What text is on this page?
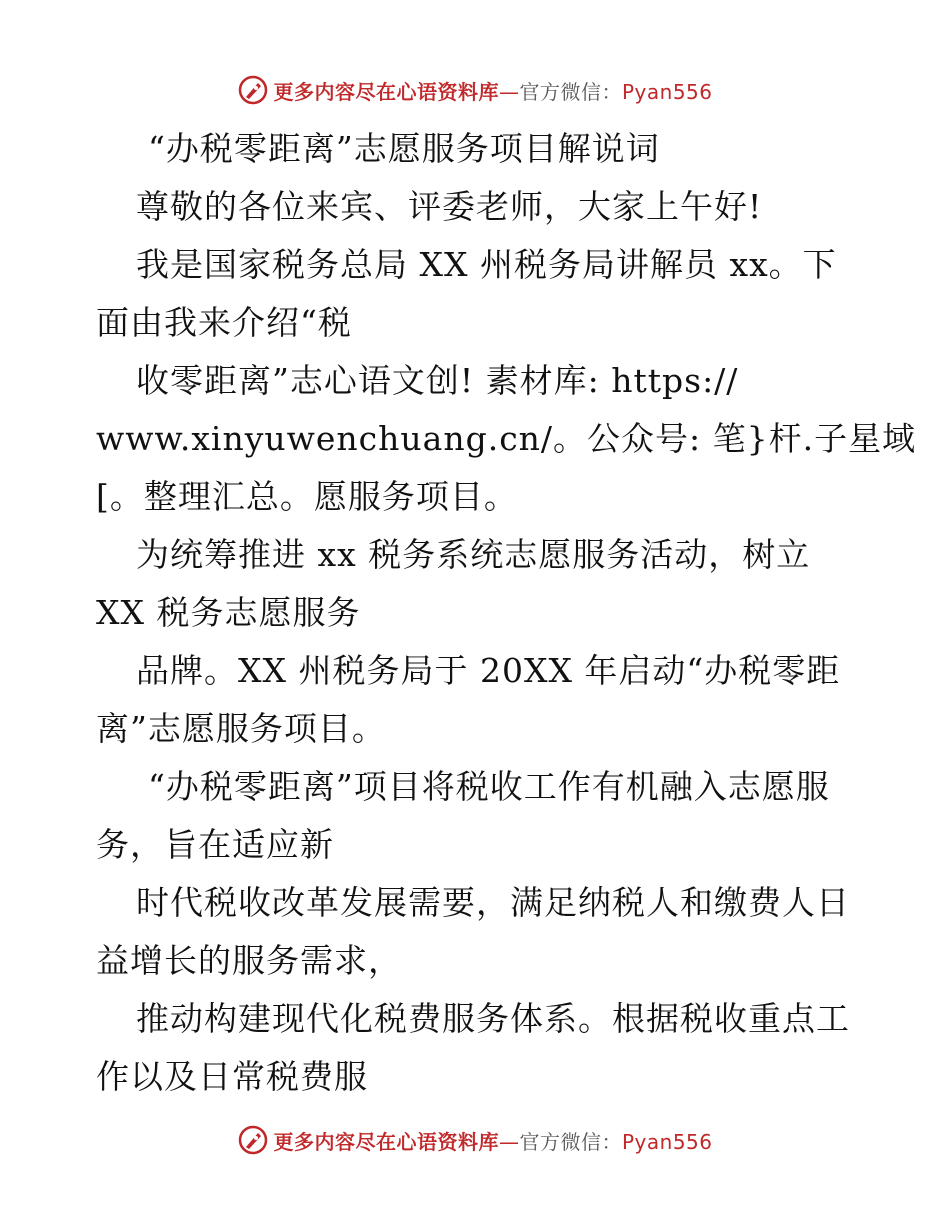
更多内容尽在心语资料库—官方微信：Pyan556
“办税零距离”志愿服务项目解说词
尊敬的各位来宾、评委老师，大家上午好!
我是国家税务总局 XX 州税务局讲解员 xx。下
面由我来介绍“税
收零距离”志心语文创! 素材库: https://
www.xinyuwenchuang.cn/。公众号: 笔}杆.子星域
[。整理汇总。愿服务项目。
为统筹推进 xx 税务系统志愿服务活动，树立
XX 税务志愿服务
品牌。XX 州税务局于 20XX 年启动“办税零距
离”志愿服务项目。
“办税零距离”项目将税收工作有机融入志愿服
务，旨在适应新
时代税收改革发展需要，满足纳税人和缴费人日
益增长的服务需求，
推动构建现代化税费服务体系。根据税收重点工
作以及日常税费服
更多内容尽在心语资料库—官方微信：Pyan556
